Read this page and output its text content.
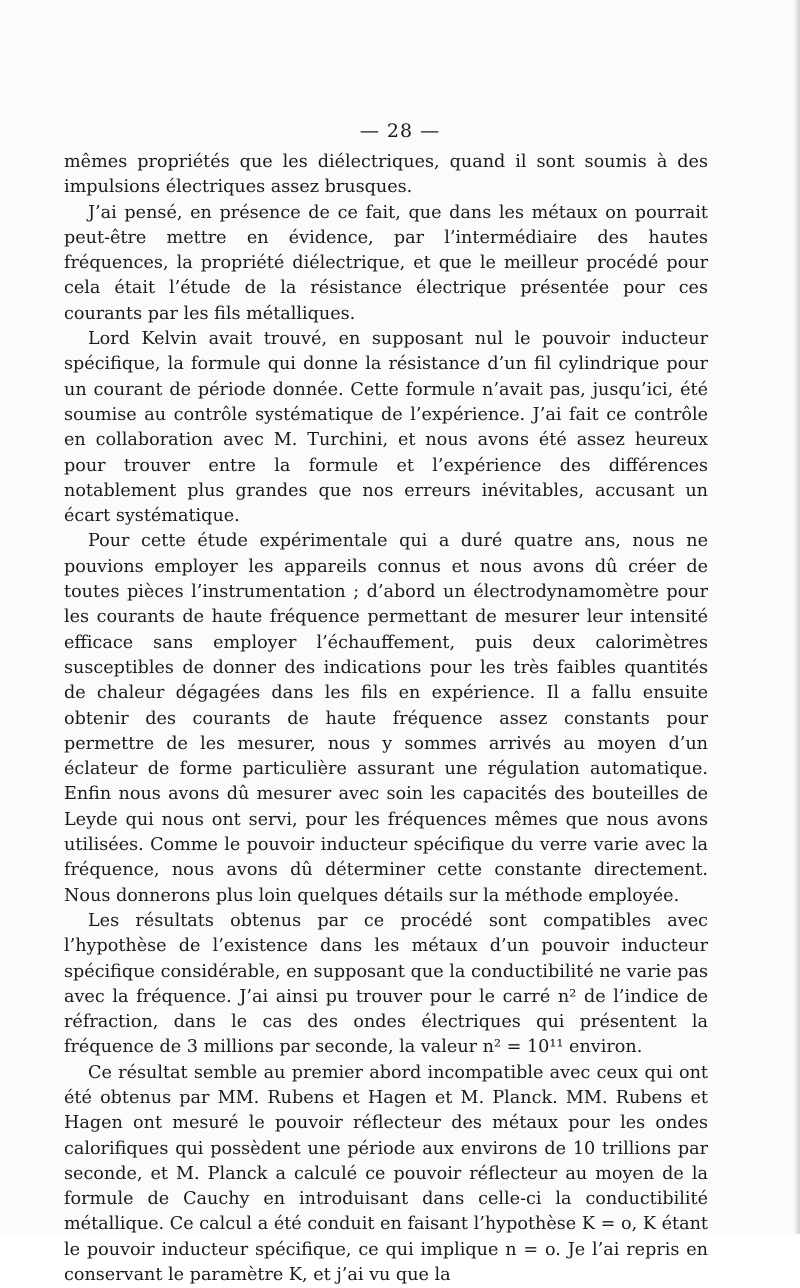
— 28 —

mêmes propriétés que les diélectriques, quand il sont soumis à des impulsions électriques assez brusques.

J’ai pensé, en présence de ce fait, que dans les métaux on pourrait peut-être mettre en évidence, par l’intermédiaire des hautes fréquences, la propriété diélectrique, et que le meilleur procédé pour cela était l’étude de la résistance électrique présentée pour ces courants par les fils métalliques.

Lord Kelvin avait trouvé, en supposant nul le pouvoir inducteur spécifique, la formule qui donne la résistance d’un fil cylindrique pour un courant de période donnée. Cette formule n’avait pas, jusqu’ici, été soumise au contrôle systématique de l’expérience. J’ai fait ce contrôle en collaboration avec M. Turchini, et nous avons été assez heureux pour trouver entre la formule et l’expérience des différences notablement plus grandes que nos erreurs inévitables, accusant un écart systématique.

Pour cette étude expérimentale qui a duré quatre ans, nous ne pouvions employer les appareils connus et nous avons dû créer de toutes pièces l’instrumentation ; d’abord un électrodynamomètre pour les courants de haute fréquence permettant de mesurer leur intensité efficace sans employer l’échauffement, puis deux calorimètres susceptibles de donner des indications pour les très faibles quantités de chaleur dégagées dans les fils en expérience. Il a fallu ensuite obtenir des courants de haute fréquence assez constants pour permettre de les mesurer, nous y sommes arrivés au moyen d’un éclateur de forme particulière assurant une régulation automatique. Enfin nous avons dû mesurer avec soin les capacités des bouteilles de Leyde qui nous ont servi, pour les fréquences mêmes que nous avons utilisées. Comme le pouvoir inducteur spécifique du verre varie avec la fréquence, nous avons dû déterminer cette constante directement. Nous donnerons plus loin quelques détails sur la méthode employée.

Les résultats obtenus par ce procédé sont compatibles avec l’hypothèse de l’existence dans les métaux d’un pouvoir inducteur spécifique considérable, en supposant que la conductibilité ne varie pas avec la fréquence. J’ai ainsi pu trouver pour le carré n² de l’indice de réfraction, dans le cas des ondes électriques qui présentent la fréquence de 3 millions par seconde, la valeur n² = 10¹¹ environ.

Ce résultat semble au premier abord incompatible avec ceux qui ont été obtenus par MM. Rubens et Hagen et M. Planck. MM. Rubens et Hagen ont mesuré le pouvoir réflecteur des métaux pour les ondes calorifiques qui possèdent une période aux environs de 10 trillions par seconde, et M. Planck a calculé ce pouvoir réflecteur au moyen de la formule de Cauchy en introduisant dans celle-ci la conductibilité métallique. Ce calcul a été conduit en faisant l’hypothèse K = o, K étant le pouvoir inducteur spécifique, ce qui implique n = o. Je l’ai repris en conservant le paramètre K, et j’ai vu que la
